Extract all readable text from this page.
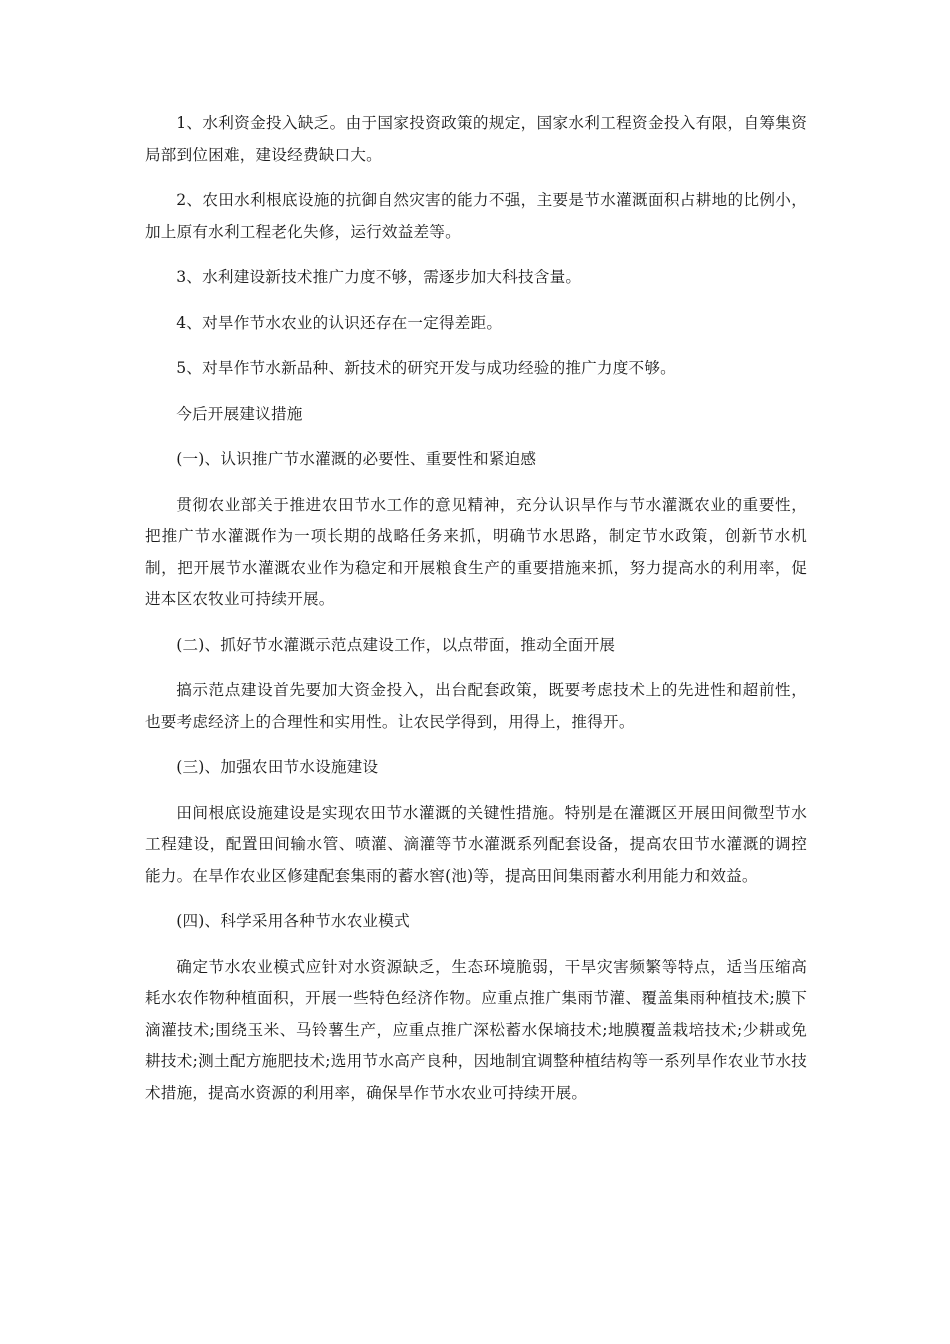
1、水利资金投入缺乏。由于国家投资政策的规定，国家水利工程资金投入有限，自筹集资局部到位困难，建设经费缺口大。

2、农田水利根底设施的抗御自然灾害的能力不强，主要是节水灌溉面积占耕地的比例小，加上原有水利工程老化失修，运行效益差等。

3、水利建设新技术推广力度不够，需逐步加大科技含量。

4、对旱作节水农业的认识还存在一定得差距。

5、对旱作节水新品种、新技术的研究开发与成功经验的推广力度不够。

今后开展建议措施

(一)、认识推广节水灌溉的必要性、重要性和紧迫感

贯彻农业部关于推进农田节水工作的意见精神，充分认识旱作与节水灌溉农业的重要性，把推广节水灌溉作为一项长期的战略任务来抓，明确节水思路，制定节水政策，创新节水机制，把开展节水灌溉农业作为稳定和开展粮食生产的重要措施来抓，努力提高水的利用率，促进本区农牧业可持续开展。

(二)、抓好节水灌溉示范点建设工作，以点带面，推动全面开展

搞示范点建设首先要加大资金投入，出台配套政策，既要考虑技术上的先进性和超前性，也要考虑经济上的合理性和实用性。让农民学得到，用得上，推得开。

(三)、加强农田节水设施建设

田间根底设施建设是实现农田节水灌溉的关键性措施。特别是在灌溉区开展田间微型节水工程建设，配置田间输水管、喷灌、滴灌等节水灌溉系列配套设备，提高农田节水灌溉的调控能力。在旱作农业区修建配套集雨的蓄水窖(池)等，提高田间集雨蓄水利用能力和效益。

(四)、科学采用各种节水农业模式

确定节水农业模式应针对水资源缺乏，生态环境脆弱，干旱灾害频繁等特点，适当压缩高耗水农作物种植面积，开展一些特色经济作物。应重点推广集雨节灌、覆盖集雨种植技术;膜下滴灌技术;围绕玉米、马铃薯生产，应重点推广深松蓄水保墒技术;地膜覆盖栽培技术;少耕或免耕技术;测土配方施肥技术;选用节水高产良种，因地制宜调整种植结构等一系列旱作农业节水技术措施，提高水资源的利用率，确保旱作节水农业可持续开展。
